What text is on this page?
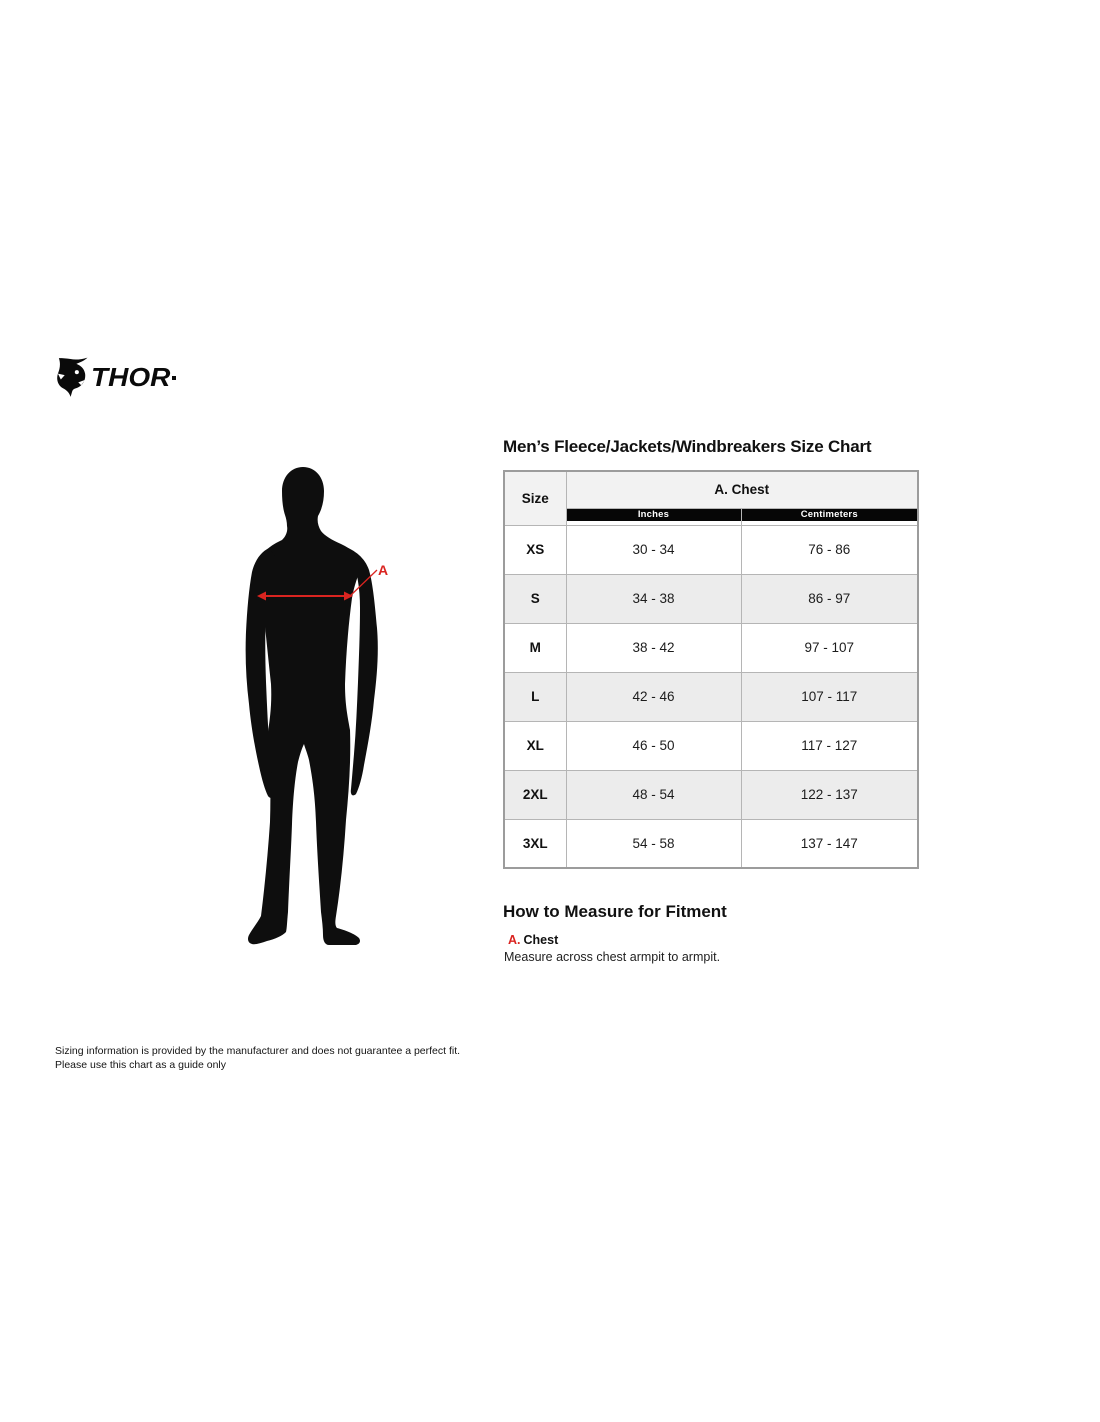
THOR
A
Men’s Fleece/Jackets/Windbreakers Size Chart
Size	A. Chest	

	Inches	Centimeters

XS	30 - 34	76 - 86
S	34 - 38	86 - 97
M	38 - 42	97 - 107
L	42 - 46	107 - 117
XL	46 - 50	117 - 127
2XL	48 - 54	122 - 137
3XL	54 - 58	137 - 147
How to Measure for Fitment
A. Chest
Measure across chest armpit to armpit.
Sizing information is provided by the manufacturer and does not guarantee a perfect fit.
Please use this chart as a guide only
